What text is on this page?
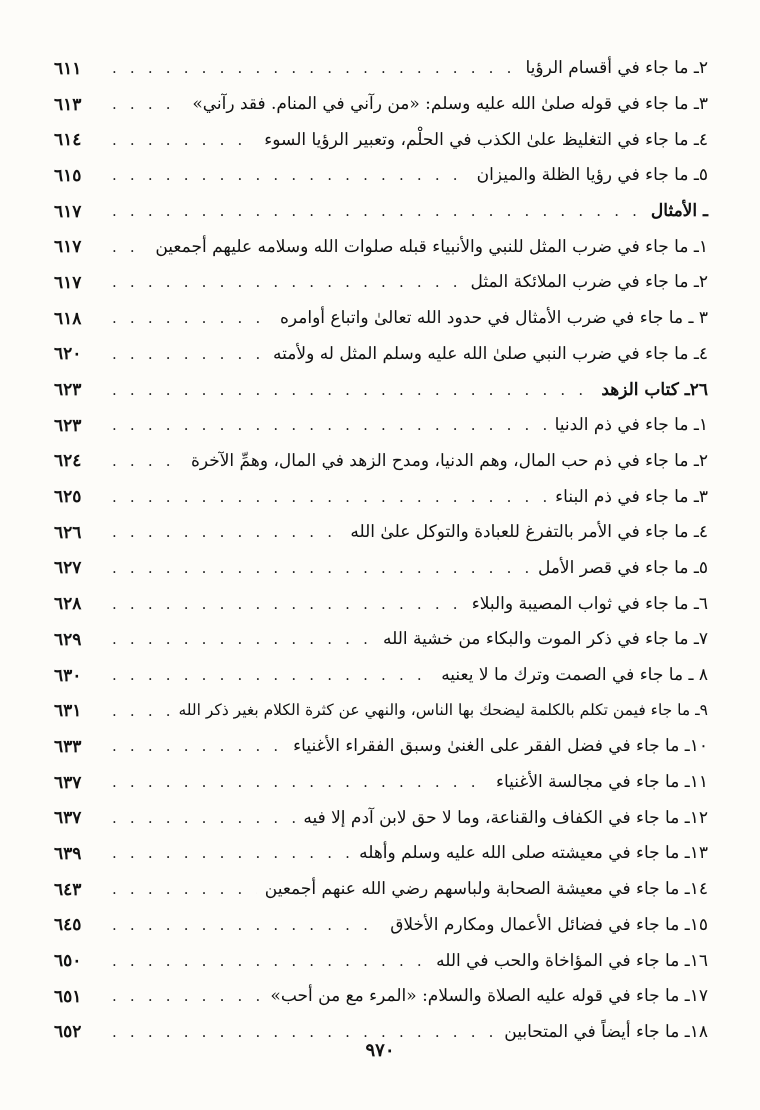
٢ـ ما جاء في أقسام الرؤيا
. . .
٦١١
٣ـ ما جاء في قوله صلىٰ الله عليه وسلم: «من رآني في المنام. فقد رآني»
. . .
٦١٣
٤ـ ما جاء في التغليظ علىٰ الكذب في الحلْم، وتعبير الرؤيا السوء
. . .
٦١٤
٥ـ ما جاء في رؤيا الظلة والميزان
. . .
٦١٥
ـ الأمثال
. . .
٦١٧
١ـ ما جاء في ضرب المثل للنبي والأنبياء قبله صلوات الله وسلامه عليهم أجمعين
. . .
٦١٧
٢ـ ما جاء في ضرب الملائكة المثل
. . .
٦١٧
٣ ـ ما جاء في ضرب الأمثال في حدود الله تعالىٰ واتباع أوامره
. . .
٦١٨
٤ـ ما جاء في ضرب النبي صلىٰ الله عليه وسلم المثل له ولأمته
. . .
٦٢٠
٢٦ـ كتاب الزهد
. . .
٦٢٣
١ـ ما جاء في ذم الدنيا
. . .
٦٢٣
٢ـ ما جاء في ذم حب المال، وهم الدنيا، ومدح الزهد في المال، وهمِّ الآخرة
. . .
٦٢٤
٣ـ ما جاء في ذم البناء
. . .
٦٢٥
٤ـ ما جاء في الأمر بالتفرغ للعبادة والتوكل علىٰ الله
. . .
٦٢٦
٥ـ ما جاء في قصر الأمل
. . .
٦٢٧
٦ـ ما جاء في ثواب المصيبة والبلاء
. . .
٦٢٨
٧ـ ما جاء في ذكر الموت والبكاء من خشية الله
. . .
٦٢٩
٨ ـ ما جاء في الصمت وترك ما لا يعنيه
. . .
٦٣٠
٩ـ ما جاء فيمن تكلم بالكلمة ليضحك بها الناس، والنهي عن كثرة الكلام بغير ذكر الله
. . .
٦٣١
١٠ـ ما جاء في فضل الفقر على الغنىٰ وسبق الفقراء الأغنياء
. . .
٦٣٣
١١ـ ما جاء في مجالسة الأغنياء
. . .
٦٣٧
١٢ـ ما جاء في الكفاف والقناعة، وما لا حق لابن آدم إلا فيه
. . .
٦٣٧
١٣ـ ما جاء في معيشته صلى الله عليه وسلم وأهله
. . .
٦٣٩
١٤ـ ما جاء في معيشة الصحابة ولباسهم رضي الله عنهم أجمعين
. . .
٦٤٣
١٥ـ ما جاء في فضائل الأعمال ومكارم الأخلاق
. . .
٦٤٥
١٦ـ ما جاء في المؤاخاة والحب في الله
. . .
٦٥٠
١٧ـ ما جاء في قوله عليه الصلاة والسلام: «المرء مع من أحب»
. . .
٦٥١
١٨ـ ما جاء أيضاً في المتحابين
. . .
٦٥٢
٩٧٠
